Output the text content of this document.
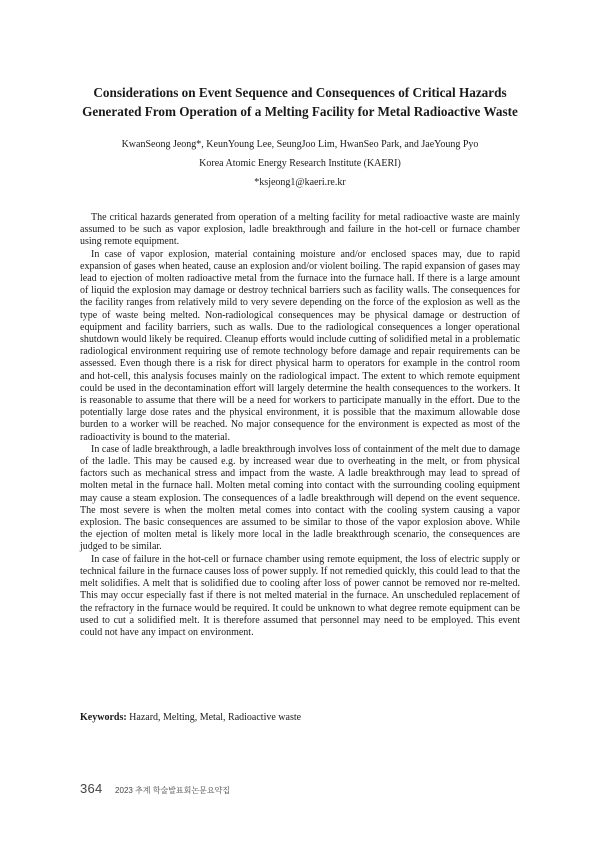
Considerations on Event Sequence and Consequences of Critical Hazards
Generated From Operation of a Melting Facility for Metal Radioactive Waste
KwanSeong Jeong*, KeunYoung Lee, SeungJoo Lim, HwanSeo Park, and JaeYoung Pyo
Korea Atomic Energy Research Institute (KAERI)
*ksjeong1@kaeri.re.kr

The critical hazards generated from operation of a melting facility for metal radioactive waste are mainly assumed to be such as vapor explosion, ladle breakthrough and failure in the hot-cell or furnace chamber using remote equipment.

In case of vapor explosion, material containing moisture and/or enclosed spaces may, due to rapid expansion of gases when heated, cause an explosion and/or violent boiling. The rapid expansion of gases may lead to ejection of molten radioactive metal from the furnace into the furnace hall. If there is a large amount of liquid the explosion may damage or destroy technical barriers such as facility walls. The consequences for the facility ranges from relatively mild to very severe depending on the force of the explosion as well as the type of waste being melted. Non-radiological consequences may be physical damage or destruction of equipment and facility barriers, such as walls. Due to the radiological consequences a longer operational shutdown would likely be required. Cleanup efforts would include cutting of solidified metal in a problematic radiological environment requiring use of remote technology before damage and repair requirements can be assessed. Even though there is a risk for direct physical harm to operators for example in the control room and hot-cell, this analysis focuses mainly on the radiological impact. The extent to which remote equipment could be used in the decontamination effort will largely determine the health consequences to the workers. It is reasonable to assume that there will be a need for workers to participate manually in the effort. Due to the potentially large dose rates and the physical environment, it is possible that the maximum allowable dose burden to a worker will be reached. No major consequence for the environment is expected as most of the radioactivity is bound to the material.

In case of ladle breakthrough, a ladle breakthrough involves loss of containment of the melt due to damage of the ladle. This may be caused e.g. by increased wear due to overheating in the melt, or from physical factors such as mechanical stress and impact from the waste. A ladle breakthrough may lead to spread of molten metal in the furnace hall. Molten metal coming into contact with the surrounding cooling equipment may cause a steam explosion. The consequences of a ladle breakthrough will depend on the event sequence. The most severe is when the molten metal comes into contact with the cooling system causing a vapor explosion. The basic consequences are assumed to be similar to those of the vapor explosion above. While the ejection of molten metal is likely more local in the ladle breakthrough scenario, the consequences are judged to be similar.

In case of failure in the hot-cell or furnace chamber using remote equipment, the loss of electric supply or technical failure in the furnace causes loss of power supply. If not remedied quickly, this could lead to that the melt solidifies. A melt that is solidified due to cooling after loss of power cannot be removed nor re-melted. This may occur especially fast if there is not melted material in the furnace. An unscheduled replacement of the refractory in the furnace would be required. It could be unknown to what degree remote equipment can be used to cut a solidified melt. It is therefore assumed that personnel may need to be employed. This event could not have any impact on environment.

Keywords: Hazard, Melting, Metal, Radioactive waste
364 2023 추계 학술발표회논문요약집
